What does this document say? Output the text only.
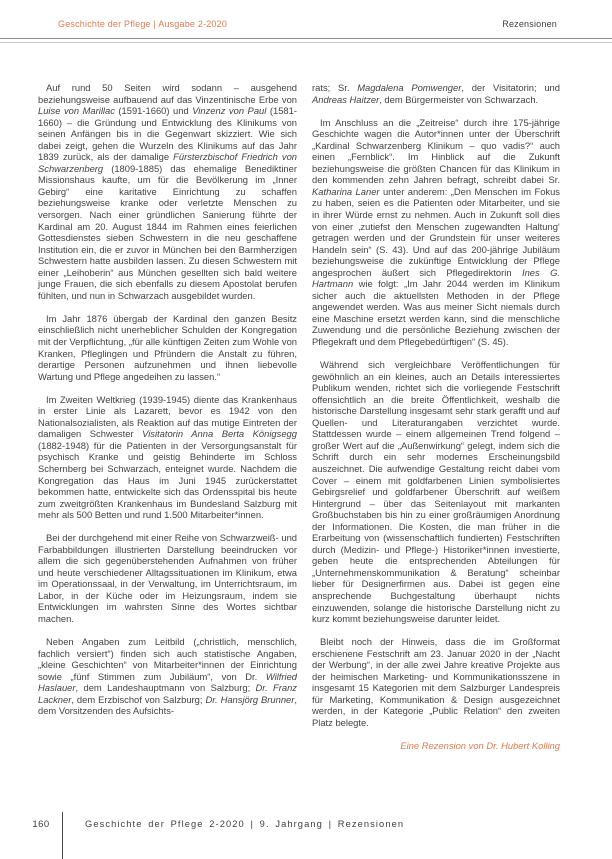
Geschichte der Pflege | Ausgabe 2-2020	Rezensionen

Auf rund 50 Seiten wird sodann – ausgehend beziehungsweise aufbauend auf das Vinzentinische Erbe von Luise von Marillac (1591-1660) und Vinzenz von Paul (1581-1660) – die Gründung und Entwicklung des Klinikums von seinen Anfängen bis in die Gegenwart skizziert. Wie sich dabei zeigt, gehen die Wurzeln des Klinikums auf das Jahr 1839 zurück, als der damalige Fürsterzbischof Friedrich von Schwarzenberg (1809-1885) das ehemalige Benediktiner Missionshaus kaufte, um für die Bevölkerung im „Inner Gebirg“ eine karitative Einrichtung zu schaffen beziehungsweise kranke oder verletzte Menschen zu versorgen. Nach einer gründlichen Sanierung führte der Kardinal am 20. August 1844 im Rahmen eines feierlichen Gottesdienstes sieben Schwestern in die neu geschaffene Institution ein, die er zuvor in München bei den Barmherzigen Schwestern hatte ausbilden lassen. Zu diesen Schwestern mit einer „Leihoberin“ aus München gesellten sich bald weitere junge Frauen, die sich ebenfalls zu diesem Apostolat berufen fühlten, und nun in Schwarzach ausgebildet wurden.

Im Jahr 1876 übergab der Kardinal den ganzen Besitz einschließlich nicht unerheblicher Schulden der Kongregation mit der Verpflichtung, „für alle künftigen Zeiten zum Wohle von Kranken, Pfleglingen und Pfründern die Anstalt zu führen, derartige Personen aufzunehmen und ihnen liebevolle Wartung und Pflege angedeihen zu lassen.“

Im Zweiten Weltkrieg (1939-1945) diente das Krankenhaus in erster Linie als Lazarett, bevor es 1942 von den Nationalsozialisten, als Reaktion auf das mutige Eintreten der damaligen Schwester Visitatorin Anna Berta Königsegg (1882-1948) für die Patienten in der Versorgungsanstalt für psychisch Kranke und geistig Behinderte im Schloss Schernberg bei Schwarzach, enteignet wurde. Nachdem die Kongregation das Haus im Juni 1945 zurückerstattet bekommen hatte, entwickelte sich das Ordensspital bis heute zum zweitgrößten Krankenhaus im Bundesland Salzburg mit mehr als 500 Betten und rund 1.500 Mitarbeiter*innen.

Bei der durchgehend mit einer Reihe von Schwarzweiß- und Farbabbildungen illustrierten Darstellung beeindrucken vor allem die sich gegenüberstehenden Aufnahmen von früher und heute verschiedener Alltagssituationen im Klinikum, etwa im Operationssaal, in der Verwaltung, im Unterrichtsraum, im Labor, in der Küche oder im Heizungsraum, indem sie Entwicklungen im wahrsten Sinne des Wortes sichtbar machen.

Neben Angaben zum Leitbild („christlich, menschlich, fachlich versiert“) finden sich auch statistische Angaben, „kleine Geschichten“ von Mitarbeiter*innen der Einrichtung sowie „fünf Stimmen zum Jubiläum“, von Dr. Wilfried Haslauer, dem Landeshauptmann von Salzburg; Dr. Franz Lackner, dem Erzbischof von Salzburg; Dr. Hansjörg Brunner, dem Vorsitzenden des Aufsichts-

rats; Sr. Magdalena Pomwenger, der Visitatorin; und Andreas Haitzer, dem Bürgermeister von Schwarzach.

Im Anschluss an die „Zeitreise“ durch ihre 175-jährige Geschichte wagen die Autor*innen unter der Überschrift „Kardinal Schwarzenberg Klinikum – quo vadis?“ auch einen „Fernblick“. Im Hinblick auf die Zukunft beziehungsweise die größten Chancen für das Klinikum in den kommenden zehn Jahren befragt, schreibt dabei Sr. Katharina Laner unter anderem: „Den Menschen im Fokus zu haben, seien es die Patienten oder Mitarbeiter, und sie in ihrer Würde ernst zu nehmen. Auch in Zukunft soll dies von einer ‚zutiefst den Menschen zugewandten Haltung‘ getragen werden und der Grundstein für unser weiteres Handeln sein“ (S. 43). Und auf das 200-jährige Jubiläum beziehungsweise die zukünftige Entwicklung der Pflege angesprochen äußert sich Pflegedirektorin Ines G. Hartmann wie folgt: „Im Jahr 2044 werden im Klinikum sicher auch die aktuellsten Methoden in der Pflege angewendet werden. Was aus meiner Sicht niemals durch eine Maschine ersetzt werden kann, sind die menschliche Zuwendung und die persönliche Beziehung zwischen der Pflegekraft und dem Pflegebedürftigen“ (S. 45).

Während sich vergleichbare Veröffentlichungen für gewöhnlich an ein kleines, auch an Details interessiertes Publikum wenden, richtet sich die vorliegende Festschrift offensichtlich an die breite Öffentlichkeit, weshalb die historische Darstellung insgesamt sehr stark gerafft und auf Quellen- und Literaturangaben verzichtet wurde. Stattdessen wurde – einem allgemeinen Trend folgend – großer Wert auf die „Außenwirkung“ gelegt, indem sich die Schrift durch ein sehr modernes Erscheinungsbild auszeichnet. Die aufwendige Gestaltung reicht dabei vom Cover – einem mit goldfarbenen Linien symbolisiertes Gebirgsrelief und goldfarbener Überschrift auf weißem Hintergrund – über das Seitenlayout mit markanten Großbuchstaben bis hin zu einer großräumigen Anordnung der Informationen. Die Kosten, die man früher in die Erarbeitung von (wissenschaftlich fundierten) Festschriften durch (Medizin- und Pflege-) Historiker*innen investierte, geben heute die entsprechenden Abteilungen für „Unternehmenskommunikation & Beratung“ scheinbar lieber für Designerfirmen aus. Dabei ist gegen eine ansprechende Buchgestaltung überhaupt nichts einzuwenden, solange die historische Darstellung nicht zu kurz kommt beziehungsweise darunter leidet.

Bleibt noch der Hinweis, dass die im Großformat erschienene Festschrift am 23. Januar 2020 in der „Nacht der Werbung“, in der alle zwei Jahre kreative Projekte aus der heimischen Marketing- und Kommunikationsszene in insgesamt 15 Kategorien mit dem Salzburger Landespreis für Marketing, Kommunikation & Design ausgezeichnet werden, in der Kategorie „Public Relation“ den zweiten Platz belegte.

Eine Rezension von Dr. Hubert Kolling
160	Geschichte der Pflege 2-2020 | 9. Jahrgang | Rezensionen
